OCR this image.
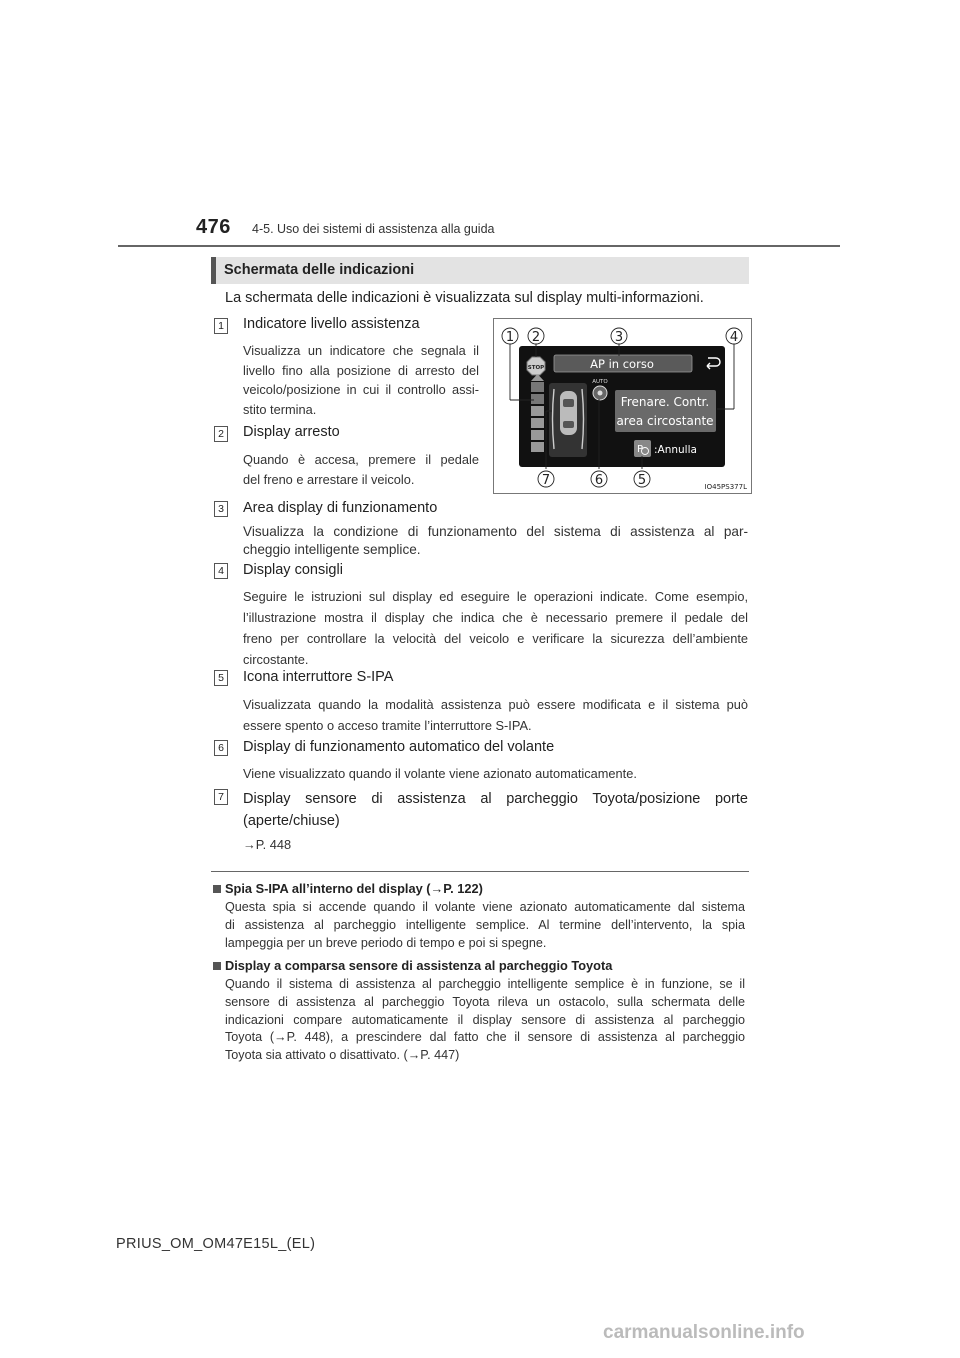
476 4-5. Uso dei sistemi di assistenza alla guida
Schermata delle indicazioni
La schermata delle indicazioni è visualizzata sul display multi-informazioni.
1 Indicatore livello assistenza
Visualizza un indicatore che segnala il
livello fino alla posizione di arresto del
veicolo/posizione in cui il controllo assi-
stito termina.
2 Display arresto
Quando è accesa, premere il pedale
del freno e arrestare il veicolo.
AP in corso
STOP
AUTO
Frenare. Contr.
area circostante
P :Annulla
1 2	3	4
7	6	5	IO45PS377L
3 Area display di funzionamento
Visualizza la condizione di funzionamento del sistema di assistenza al par-
cheggio intelligente semplice.
4 Display consigli
Seguire le istruzioni sul display ed eseguire le operazioni indicate. Come esempio,
l’illustrazione mostra il display che indica che è necessario premere il pedale del
freno per controllare la velocità del veicolo e verificare la sicurezza dell’ambiente
circostante.
5 Icona interruttore S-IPA
Visualizzata quando la modalità assistenza può essere modificata e il sistema può
essere spento o acceso tramite l’interruttore S-IPA.
6 Display di funzionamento automatico del volante
Viene visualizzato quando il volante viene azionato automaticamente.
7 Display sensore di assistenza al parcheggio Toyota/posizione porte
(aperte/chiuse)
→P. 448
Spia S-IPA all’interno del display (→P. 122)
Questa spia si accende quando il volante viene azionato automaticamente dal sistema
di assistenza al parcheggio intelligente semplice. Al termine dell’intervento, la spia
lampeggia per un breve periodo di tempo e poi si spegne.
Display a comparsa sensore di assistenza al parcheggio Toyota
Quando il sistema di assistenza al parcheggio intelligente semplice è in funzione, se il
sensore di assistenza al parcheggio Toyota rileva un ostacolo, sulla schermata delle
indicazioni compare automaticamente il display sensore di assistenza al parcheggio
Toyota (→P. 448), a prescindere dal fatto che il sensore di assistenza al parcheggio
Toyota sia attivato o disattivato. (→P. 447)
PRIUS_OM_OM47E15L_(EL)
carmanualsonline.info
